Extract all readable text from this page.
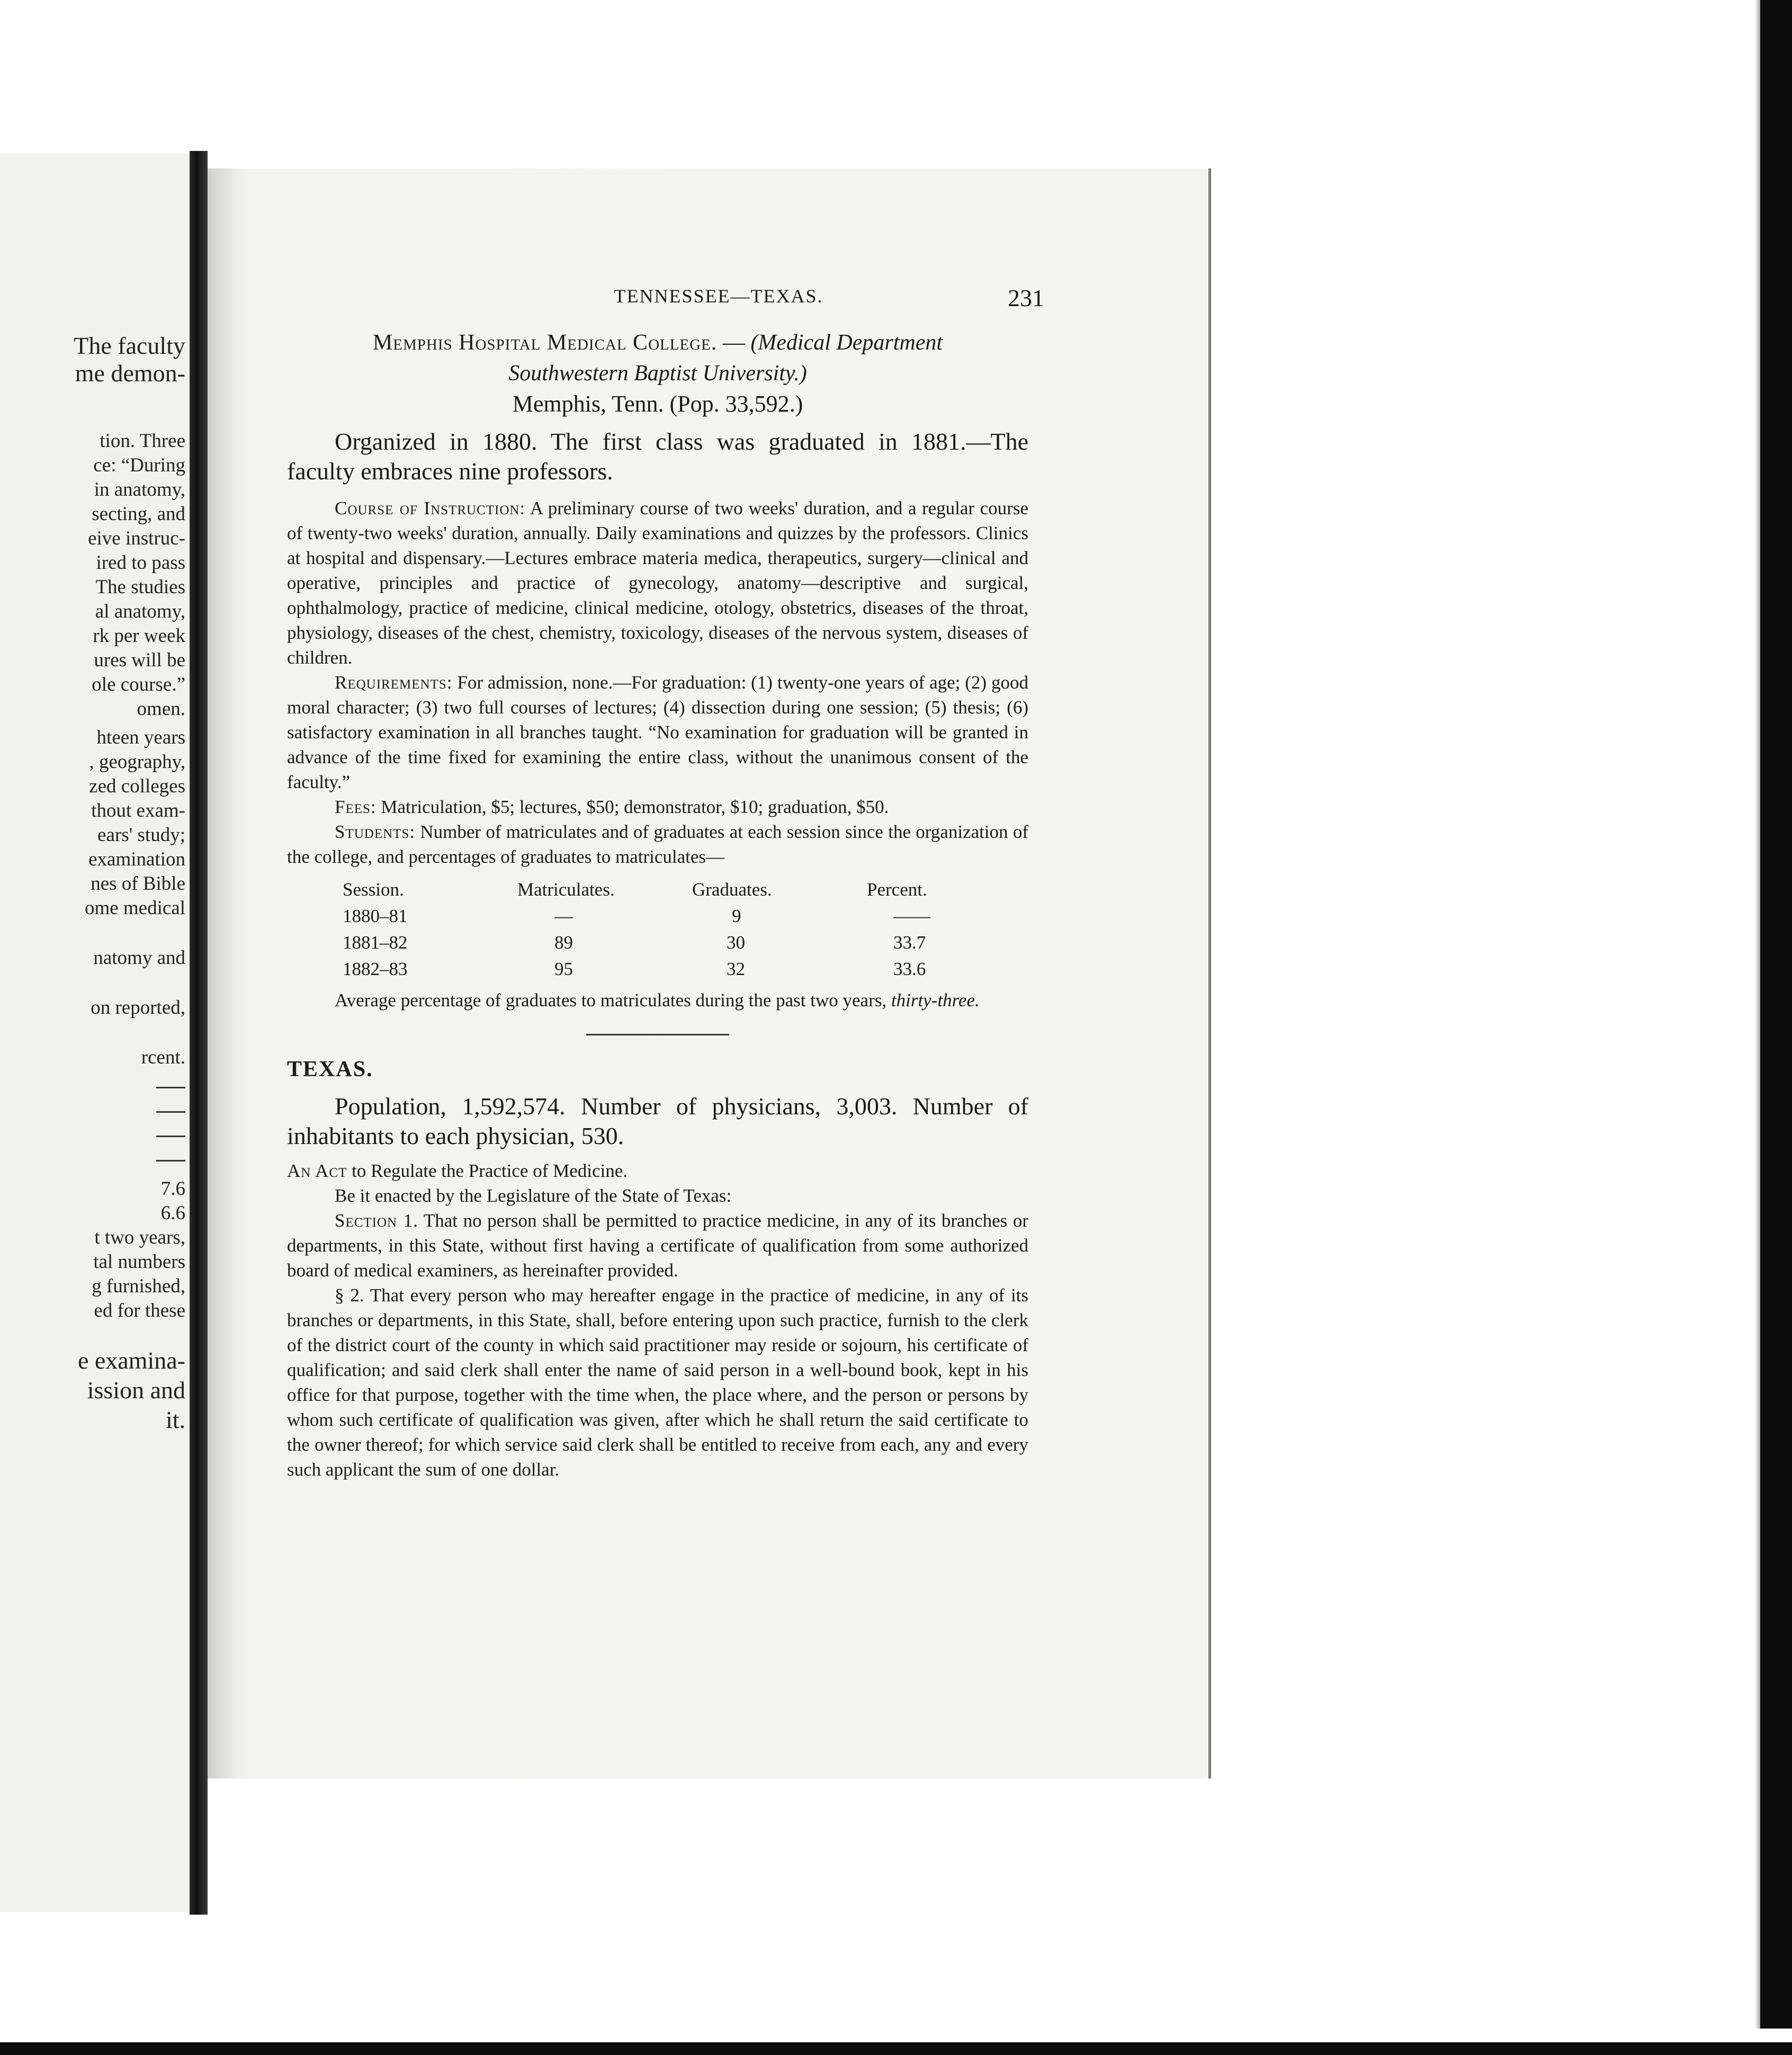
The faculty
me demon-
tion. Three
ce: “During
in anatomy,
secting, and
eive instruc-
ired to pass
The studies
al anatomy,
rk per week
ures will be
ole course.”
omen.
hteen years
, geography,
zed colleges
thout exam-
ears' study;
examination
nes of Bible
ome medical
natomy and
on reported,
rcent.
7.6
6.6
t two years,
tal numbers
g furnished,
ed for these
e examina-
ission and
it.
TENNESSEE—TEXAS.	231
Memphis Hospital Medical College. — (Medical Department
Southwestern Baptist University.)
Memphis, Tenn. (Pop. 33,592.)

Organized in 1880. The first class was graduated in 1881.—The faculty embraces nine professors.

Course of Instruction: A preliminary course of two weeks' duration, and a regular course of twenty-two weeks' duration, annually. Daily examinations and quizzes by the professors. Clinics at hospital and dispensary.—Lectures embrace materia medica, therapeutics, surgery—clinical and operative, principles and practice of gynecology, anatomy—descriptive and surgical, ophthalmology, practice of medicine, clinical medicine, otology, obstetrics, diseases of the throat, physiology, diseases of the chest, chemistry, toxicology, diseases of the nervous system, diseases of children.

Requirements: For admission, none.—For graduation: (1) twenty-one years of age; (2) good moral character; (3) two full courses of lectures; (4) dissection during one session; (5) thesis; (6) satisfactory examination in all branches taught. “No examination for graduation will be granted in advance of the time fixed for examining the entire class, without the unanimous consent of the faculty.”

Fees: Matriculation, $5; lectures, $50; demonstrator, $10; graduation, $50.

Students: Number of matriculates and of graduates at each session since the organization of the college, and percentages of graduates to matriculates—

Session.	Matriculates.	Graduates.	Percent.
1880–81	—	9	——
1881–82	89	30	33.7
1882–83	95	32	33.6

Average percentage of graduates to matriculates during the past two years, thirty-three.

TEXAS.

Population, 1,592,574. Number of physicians, 3,003. Number of inhabitants to each physician, 530.

An Act to Regulate the Practice of Medicine.

Be it enacted by the Legislature of the State of Texas:

Section 1. That no person shall be permitted to practice medicine, in any of its branches or departments, in this State, without first having a certificate of qualification from some authorized board of medical examiners, as hereinafter provided.

§ 2. That every person who may hereafter engage in the practice of medicine, in any of its branches or departments, in this State, shall, before entering upon such practice, furnish to the clerk of the district court of the county in which said practitioner may reside or sojourn, his certificate of qualification; and said clerk shall enter the name of said person in a well-bound book, kept in his office for that purpose, together with the time when, the place where, and the person or persons by whom such certificate of qualification was given, after which he shall return the said certificate to the owner thereof; for which service said clerk shall be entitled to receive from each, any and every such applicant the sum of one dollar.
